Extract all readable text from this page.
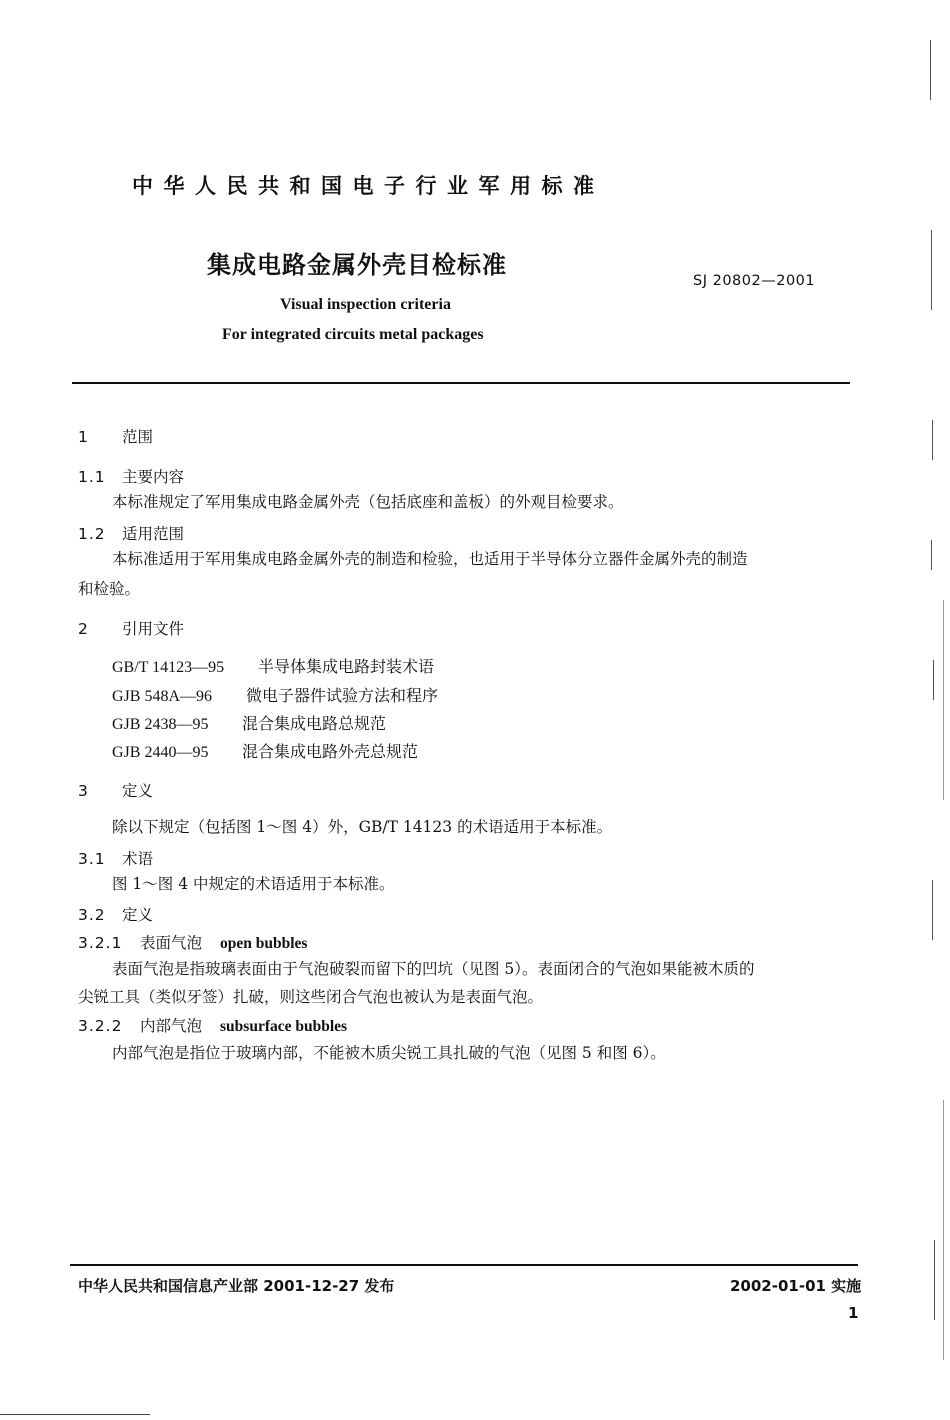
中华人民共和国电子行业军用标准
集成电路金属外壳目检标准
SJ 20802—2001
Visual inspection criteria
For integrated circuits metal packages
1 范围
1.1 主要内容
本标准规定了军用集成电路金属外壳（包括底座和盖板）的外观目检要求。
1.2 适用范围
本标准适用于军用集成电路金属外壳的制造和检验，也适用于半导体分立器件金属外壳的制造
和检验。
2 引用文件
GB/T 14123—95 半导体集成电路封装术语
GJB 548A—96 微电子器件试验方法和程序
GJB 2438—95 混合集成电路总规范
GJB 2440—95 混合集成电路外壳总规范
3 定义
除以下规定（包括图 1～图 4）外，GB/T 14123 的术语适用于本标准。
3.1 术语
图 1～图 4 中规定的术语适用于本标准。
3.2 定义
3.2.1 表面气泡 open bubbles
表面气泡是指玻璃表面由于气泡破裂而留下的凹坑（见图 5）。表面闭合的气泡如果能被木质的
尖锐工具（类似牙签）扎破，则这些闭合气泡也被认为是表面气泡。
3.2.2 内部气泡 subsurface bubbles
内部气泡是指位于玻璃内部，不能被木质尖锐工具扎破的气泡（见图 5 和图 6）。
中华人民共和国信息产业部 2001-12-27 发布	2002-01-01 实施
1
